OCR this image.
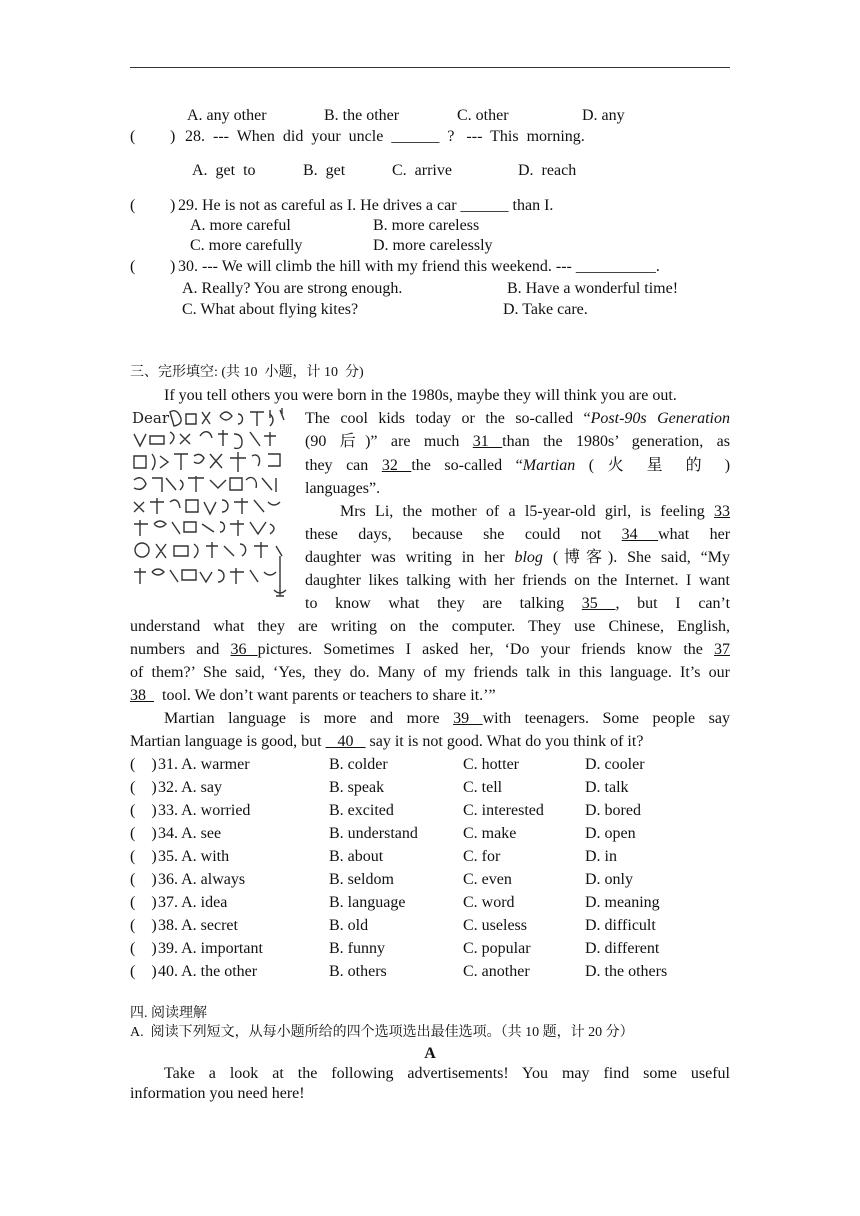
A. any other	B. the other	C. other	D. any
( ) 28.  ---  When  did  your  uncle  ______  ?   ---  This  morning.
A.  get  to	B.  get	C.  arrive	D.  reach
( ) 29. He is not as careful as I. He drives a car ______ than I.
A. more careful	B. more careless
C. more carefully	D. more carelessly
( ) 30. --- We will climb the hill with my friend this weekend. --- __________.
A. Really? You are strong enough.	B. Have a wonderful time!
C. What about flying kites?	D. Take care.
三、完形填空: (共 10  小题，计 10  分)
Dear
If you tell others you were born in the 1980s, maybe they will think you are out.
The cool kids today or the so-called “Post-90s Generation
(90 后)” are much 31 than the 1980s’ generation, as
they can 32 the so-called “Martian ( 火 星 的 )
languages”.
Mrs Li, the mother of a l5-year-old girl, is feeling 33
these days, because she could not 34 what her
daughter was writing in her blog (博客). She said, “My
daughter likes talking with her friends on the Internet. I want
to know what they are talking 35 , but I can’t
understand what they are writing on the computer. They use Chinese, English,
numbers and 36 pictures. Sometimes I asked her, ‘Do your friends know the 37
of them?’ She said, ‘Yes, they do. Many of my friends talk in this language. It’s our
38    tool. We don’t want parents or teachers to share it.’”
Martian language is more and more 39 with teenagers. Some people say
Martian language is good, but    40    say it is not good. What do you think of it?
(    ) 31. A. warmer	B. colder	C. hotter	D. cooler
(    ) 32. A. say	B. speak	C. tell	D. talk
(    ) 33. A. worried	B. excited	C. interested	D. bored
(    ) 34. A. see	B. understand	C. make	D. open
(    ) 35. A. with	B. about	C. for	D. in
(    ) 36. A. always	B. seldom	C. even	D. only
(    ) 37. A. idea	B. language	C. word	D. meaning
(    ) 38. A. secret	B. old	C. useless	D. difficult
(    ) 39. A. important	B. funny	C. popular	D. different
(    ) 40. A. the other	B. others	C. another	D. the others
四. 阅读理解
A.  阅读下列短文，从每小题所给的四个选项选出最佳选项。（共 10 题，计 20 分）
A
Take a look at the following advertisements! You may find some useful
information you need here!
